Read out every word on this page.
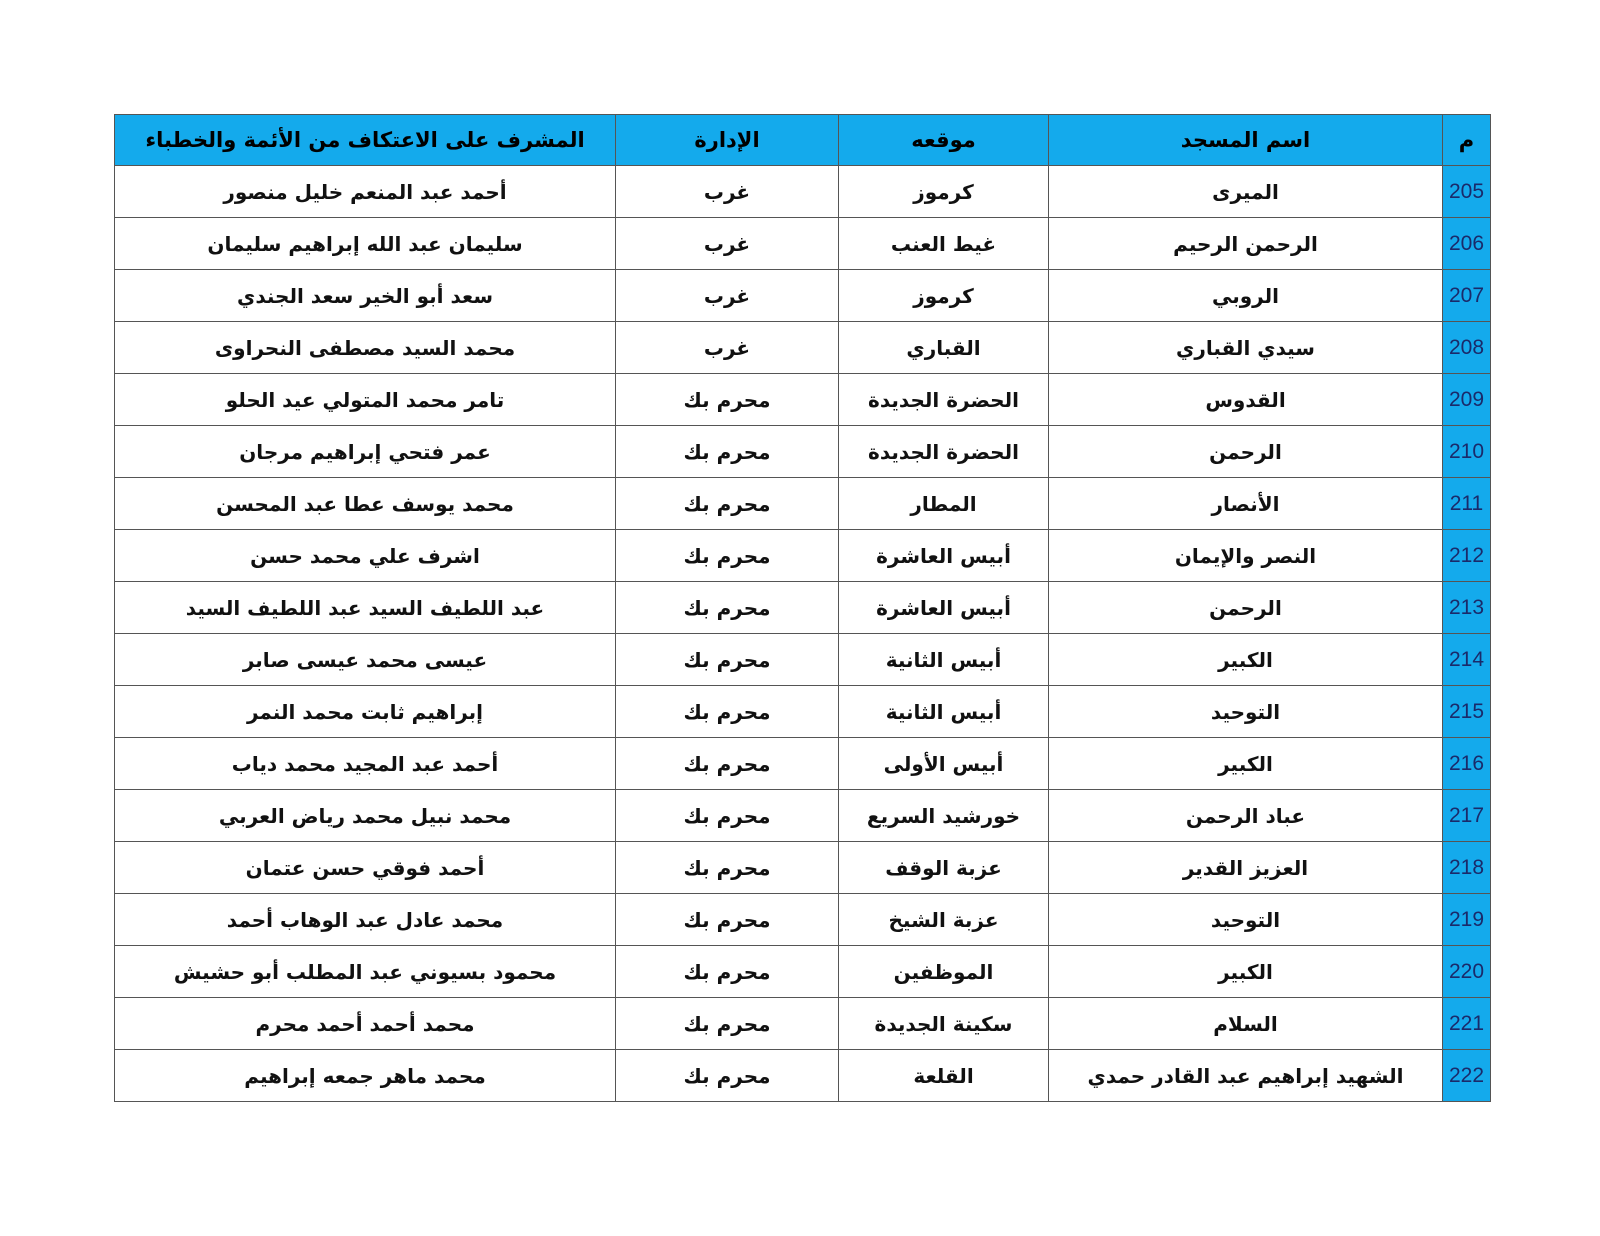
م	اسم المسجد	موقعه	الإدارة	المشرف على الاعتكاف من الأئمة والخطباء
205	الميرى	كرموز	غرب	أحمد عبد المنعم خليل منصور
206	الرحمن الرحيم	غيط العنب	غرب	سليمان عبد الله إبراهيم سليمان
207	الروبي	كرموز	غرب	سعد أبو الخير سعد الجندي
208	سيدي القباري	القباري	غرب	محمد السيد مصطفى النحراوى
209	القدوس	الحضرة الجديدة	محرم بك	تامر محمد المتولي عيد الحلو
210	الرحمن	الحضرة الجديدة	محرم بك	عمر فتحي إبراهيم مرجان
211	الأنصار	المطار	محرم بك	محمد يوسف عطا عبد المحسن
212	النصر والإيمان	أبيس العاشرة	محرم بك	اشرف علي محمد حسن
213	الرحمن	أبيس العاشرة	محرم بك	عبد اللطيف السيد عبد اللطيف السيد
214	الكبير	أبيس الثانية	محرم بك	عيسى محمد عيسى صابر
215	التوحيد	أبيس الثانية	محرم بك	إبراهيم ثابت محمد النمر
216	الكبير	أبيس الأولى	محرم بك	أحمد عبد المجيد محمد دياب
217	عباد الرحمن	خورشيد السريع	محرم بك	محمد نبيل محمد رياض العربي
218	العزيز القدير	عزبة الوقف	محرم بك	أحمد فوقي حسن عتمان
219	التوحيد	عزبة الشيخ	محرم بك	محمد عادل عبد الوهاب أحمد
220	الكبير	الموظفين	محرم بك	محمود بسيوني عبد المطلب أبو حشيش
221	السلام	سكينة الجديدة	محرم بك	محمد أحمد أحمد محرم
222	الشهيد إبراهيم عبد القادر حمدي	القلعة	محرم بك	محمد ماهر جمعه إبراهيم
